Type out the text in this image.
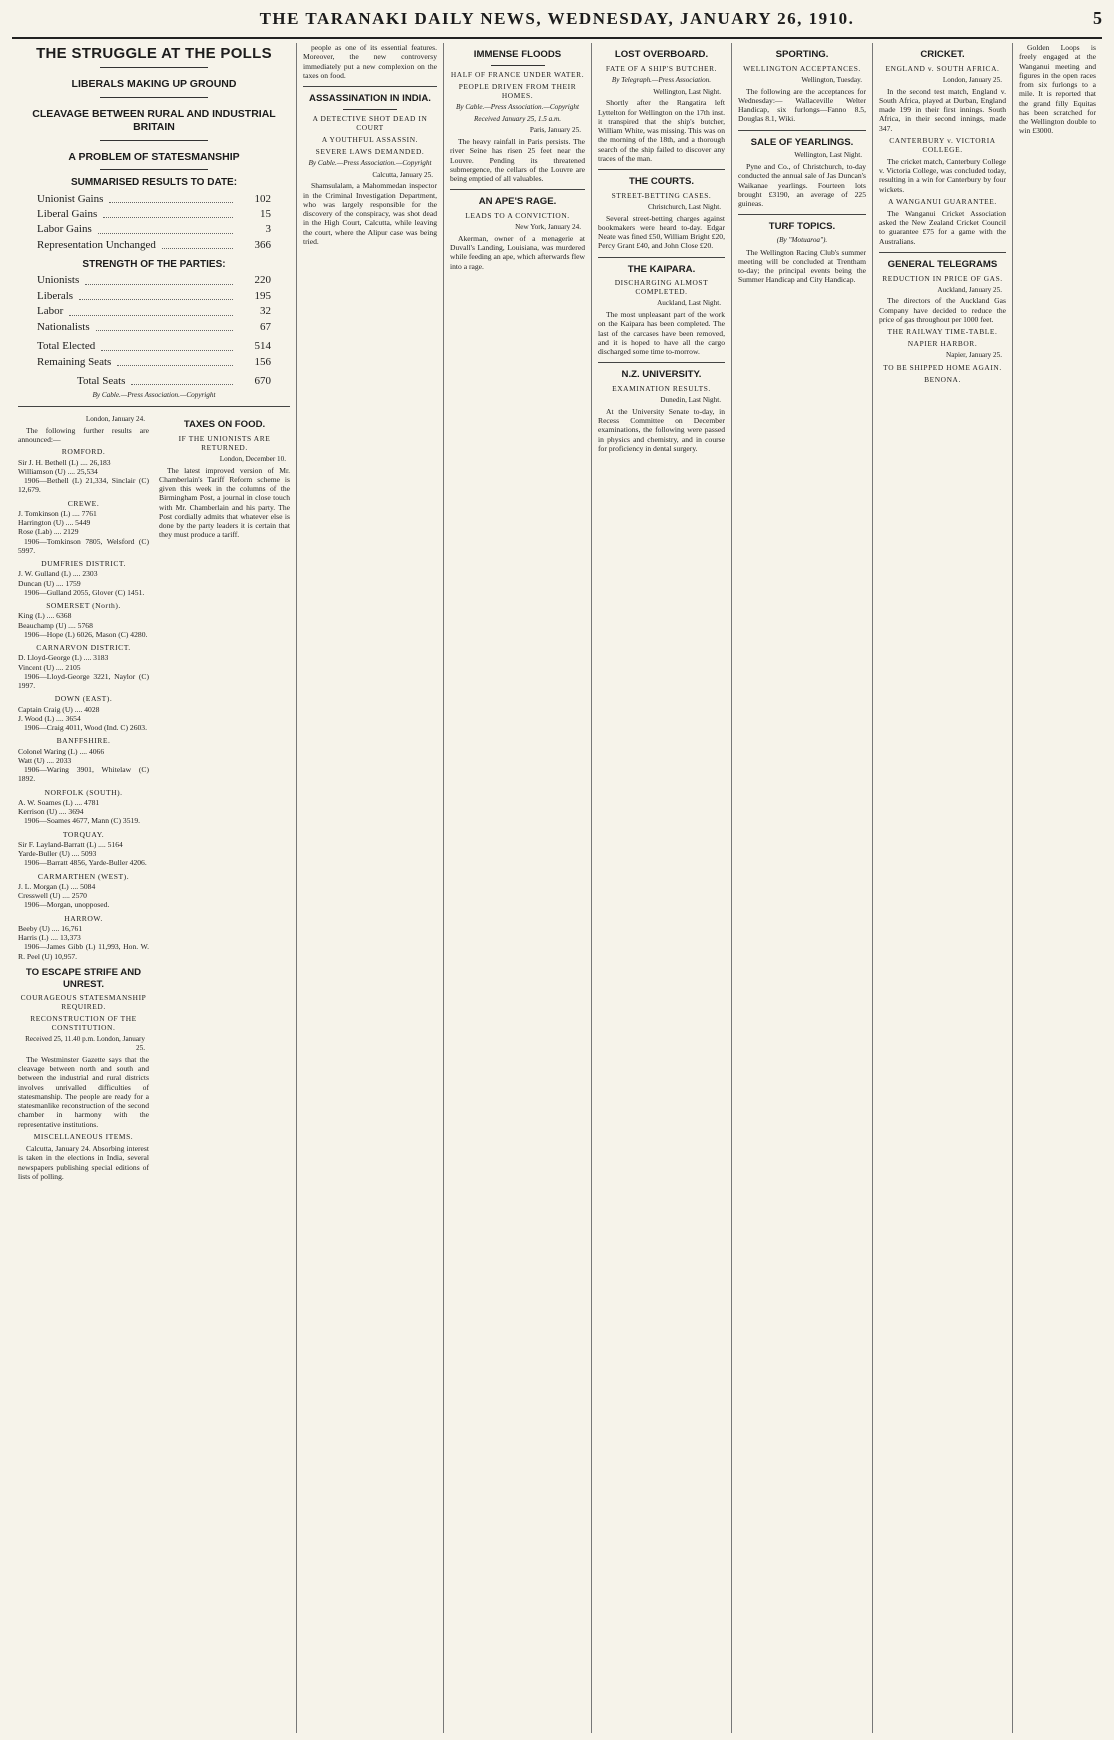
THE TARANAKI DAILY NEWS, WEDNESDAY, JANUARY 26, 1910.	5
THE STRUGGLE AT THE POLLS
LIBERALS MAKING UP GROUND
CLEAVAGE BETWEEN RURAL AND INDUSTRIAL BRITAIN
A PROBLEM OF STATESMANSHIP
SUMMARISED RESULTS TO DATE:
Unionist Gains	102
Liberal Gains	15
Labor Gains	3
Representation Unchanged	366
STRENGTH OF THE PARTIES:
Unionists	220
Liberals	195
Labor	32
Nationalists	67
Total Elected	514
Remaining Seats	156
Total Seats	670
By Cable.—Press Association.—Copyright
London, January 24.

The following further results are announced:—

ROMFORD.
Sir J. H. Bethell (L) .... 26,183
Williamson (U) .... 25,534
1906—Bethell (L) 21,334, Sinclair (C) 12,679.
CREWE.
J. Tomkinson (L) .... 7761
Harrington (U) .... 5449
Rose (Lab) .... 2129
1906—Tomkinson 7805, Welsford (C) 5997.
DUMFRIES DISTRICT.
J. W. Gulland (L) .... 2303
Duncan (U) .... 1759
1906—Gulland 2055, Glover (C) 1451.
SOMERSET (North).
King (L) .... 6368
Beauchamp (U) .... 5768
1906—Hope (L) 6026, Mason (C) 4280.
CARNARVON DISTRICT.
D. Lloyd-George (L) .... 3183
Vincent (U) .... 2105
1906—Lloyd-George 3221, Naylor (C) 1997.
DOWN (EAST).
Captain Craig (U) .... 4028
J. Wood (L) .... 3654
1906—Craig 4011, Wood (Ind. C) 2603.
BANFFSHIRE.
Colonel Waring (L) .... 4066
Watt (U) .... 2033
1906—Waring 3901, Whitelaw (C) 1892.
NORFOLK (SOUTH).
A. W. Soames (L) .... 4781
Kerrison (U) .... 3694
1906—Soames 4677, Mann (C) 3519.
TORQUAY.
Sir F. Layland-Barratt (L) .... 5164
Yarde-Buller (U) .... 5093
1906—Barratt 4856, Yarde-Buller 4206.
CARMARTHEN (WEST).
J. L. Morgan (L) .... 5084
Cresswell (U) .... 2570
1906—Morgan, unopposed.
HARROW.
Beeby (U) .... 16,761
Harris (L) .... 13,373
1906—James Gibb (L) 11,993, Hon. W. R. Peel (U) 10,957.
TO ESCAPE STRIFE AND UNREST.
COURAGEOUS STATESMANSHIP REQUIRED.
RECONSTRUCTION OF THE CONSTITUTION.
Received 25, 11.40 p.m. London, January 25.

The Westminster Gazette says that the cleavage between north and south and between the industrial and rural districts involves unrivalled difficulties of statesmanship. The people are ready for a statesmanlike reconstruction of the second chamber in harmony with the representative institutions.

MISCELLANEOUS ITEMS.

Calcutta, January 24. Absorbing interest is taken in the elections in India, several newspapers publishing special editions of lists of polling.

TAXES ON FOOD.
IF THE UNIONISTS ARE RETURNED.
London, December 10.

The latest improved version of Mr. Chamberlain's Tariff Reform scheme is given this week in the columns of the Birmingham Post, a journal in close touch with Mr. Chamberlain and his party. The Post cordially admits that whatever else is done by the party leaders it is certain that they must produce a tariff.

people as one of its essential features. Moreover, the new controversy immediately put a new complexion on the taxes on food.

ASSASSINATION IN INDIA.
A DETECTIVE SHOT DEAD IN COURT
A YOUTHFUL ASSASSIN.
SEVERE LAWS DEMANDED.
By Cable.—Press Association.—Copyright
Calcutta, January 25.

Shamsulalam, a Mahommedan inspector in the Criminal Investigation Department, who was largely responsible for the discovery of the conspiracy, was shot dead in the High Court, Calcutta, while leaving the court, where the Alipur case was being tried.

IMMENSE FLOODS
HALF OF FRANCE UNDER WATER.
PEOPLE DRIVEN FROM THEIR HOMES.
By Cable.—Press Association.—Copyright
Received January 25, 1.5 a.m.
Paris, January 25.

The heavy rainfall in Paris persists. The river Seine has risen 25 feet near the Louvre. Pending its threatened submergence, the cellars of the Louvre are being emptied of all valuables.

AN APE'S RAGE.
LEADS TO A CONVICTION.
New York, January 24.

Akerman, owner of a menagerie at Duvall's Landing, Louisiana, was murdered while feeding an ape, which afterwards flew into a rage.

LOST OVERBOARD.
FATE OF A SHIP'S BUTCHER.
By Telegraph.—Press Association.
Wellington, Last Night.

Shortly after the Rangatira left Lyttelton for Wellington on the 17th inst. it transpired that the ship's butcher, William White, was missing. This was on the morning of the 18th, and a thorough search of the ship failed to discover any traces of the man.

THE COURTS.
STREET-BETTING CASES.
Christchurch, Last Night.

Several street-betting charges against bookmakers were heard to-day. Edgar Neate was fined £50, William Bright £20, Percy Grant £40, and John Close £20.

THE KAIPARA.
DISCHARGING ALMOST COMPLETED.
Auckland, Last Night.

The most unpleasant part of the work on the Kaipara has been completed. The last of the carcases have been removed, and it is hoped to have all the cargo discharged some time to-morrow.

N.Z. UNIVERSITY.
EXAMINATION RESULTS.
Dunedin, Last Night.

At the University Senate to-day, in Recess Committee on December examinations, the following were passed in physics and chemistry, and in course for proficiency in dental surgery.

SPORTING.
WELLINGTON ACCEPTANCES.
Wellington, Tuesday.

The following are the acceptances for Wednesday:— Wallaceville Welter Handicap, six furlongs—Fanno 8.5, Douglas 8.1, Wiki.

SALE OF YEARLINGS.
Wellington, Last Night.

Pyne and Co., of Christchurch, to-day conducted the annual sale of Jas Duncan's Waikanae yearlings. Fourteen lots brought £3190, an average of 225 guineas.

TURF TOPICS.
(By "Motuaroa").

The Wellington Racing Club's summer meeting will be concluded at Trentham to-day; the principal events being the Summer Handicap and City Handicap.

CRICKET.
ENGLAND v. SOUTH AFRICA.
London, January 25.

In the second test match, England v. South Africa, played at Durban, England made 199 in their first innings. South Africa, in their second innings, made 347.

CANTERBURY v. VICTORIA COLLEGE.

The cricket match, Canterbury College v. Victoria College, was concluded today, resulting in a win for Canterbury by four wickets.

A WANGANUI GUARANTEE.

The Wanganui Cricket Association asked the New Zealand Cricket Council to guarantee £75 for a game with the Australians.

GENERAL TELEGRAMS
REDUCTION IN PRICE OF GAS.
Auckland, January 25.

The directors of the Auckland Gas Company have decided to reduce the price of gas throughout per 1000 feet.

THE RAILWAY TIME-TABLE.
NAPIER HARBOR.
Napier, January 25.
TO BE SHIPPED HOME AGAIN.
BENONA.

Golden Loops is freely engaged at the Wanganui meeting and figures in the open races from six furlongs to a mile. It is reported that the grand filly Equitas has been scratched for the Wellington double to win £3000.
